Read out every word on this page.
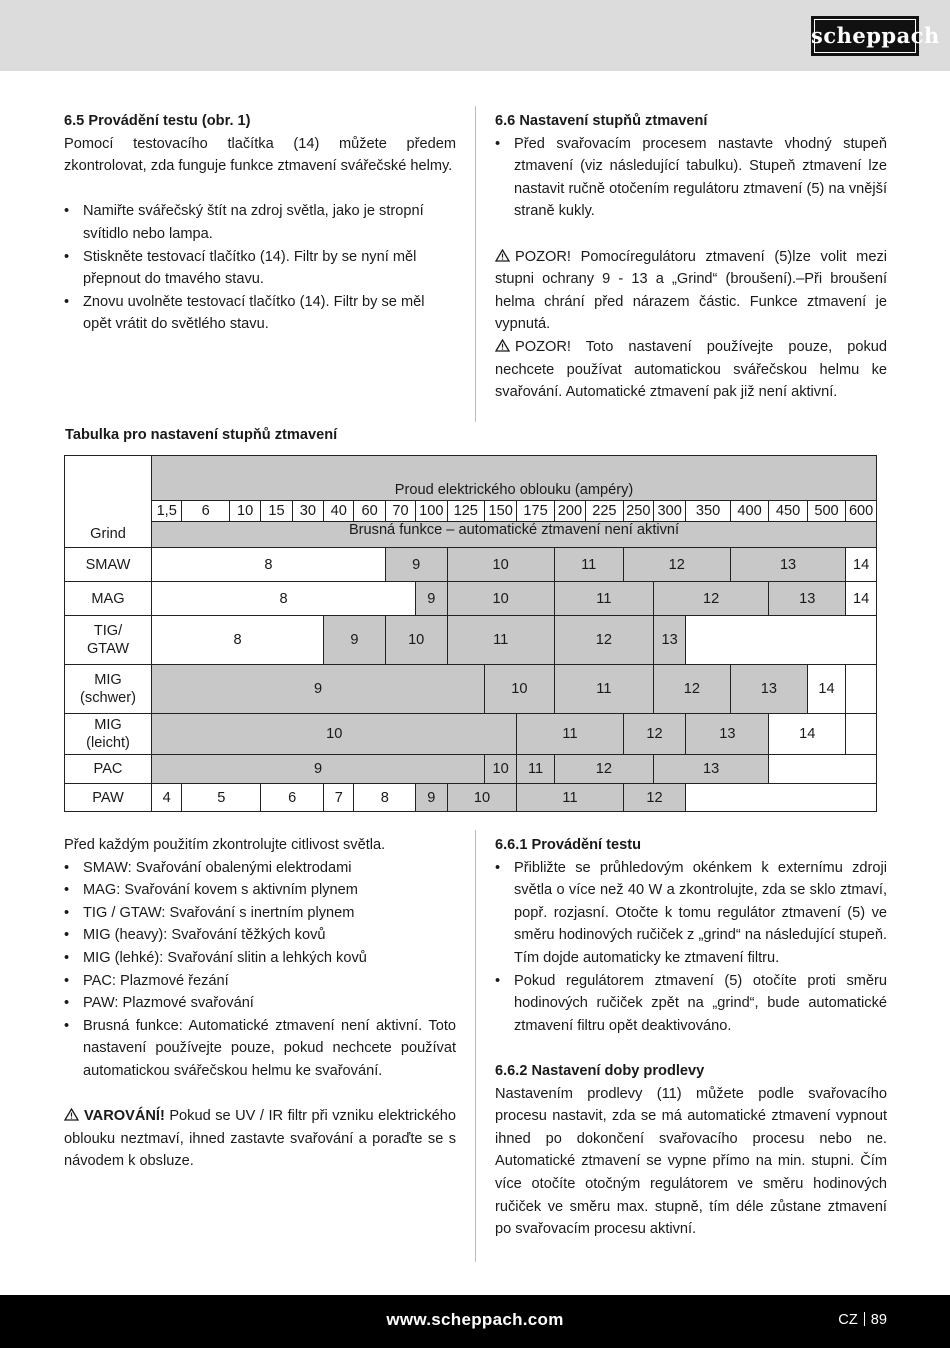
scheppach

6.5 Provádění testu (obr. 1)

Pomocí testovacího tlačítka (14) můžete předem zkontrolovat, zda funguje funkce ztmavení svářečské helmy.

• Namiřte svářečský štít na zdroj světla, jako je stropní svítidlo nebo lampa.
• Stiskněte testovací tlačítko (14). Filtr by se nyní měl přepnout do tmavého stavu.
• Znovu uvolněte testovací tlačítko (14). Filtr by se měl opět vrátit do světlého stavu.

6.6 Nastavení stupňů ztmavení

• Před svařovacím procesem nastavte vhodný stupeň ztmavení (viz následující tabulku). Stupeň ztmavení lze nastavit ručně otočením regulátoru ztmavení (5) na vnější straně kukly.

POZOR! Pomocíregulátoru ztmavení (5)lze volit mezi stupni ochrany 9 - 13 a „Grind“ (broušení).–Při broušení helma chrání před nárazem částic. Funkce ztmavení je vypnutá.

POZOR! Toto nastavení používejte pouze, pokud nechcete používat automatickou svářečskou helmu ke svařování. Automatické ztmavení pak již není aktivní.

Tabulka pro nastavení stupňů ztmavení
	Proud elektrického oblouku (ampéry)																				
	1,5	6	10	15	30	40	60	70	100	125	150	175	200	225	250	300	350	400	450	500	600
Grind	Brusná funkce – automatické ztmavení není aktivní																				
SMAW	8							9		10			11		12			13			14
MAG	8								9	10			11			12			13		14
TIG/
GTAW	8					9		10		11			12			13					
MIG
(schwer)	9										10		11			12		13		14	
MIG
(leicht)	10											11			12		13		14		
PAC	9										10	11	12			13					
PAW	4	5		6		7	8		9	10		11			12						

Před každým použitím zkontrolujte citlivost světla.

• SMAW: Svařování obalenými elektrodami
• MAG: Svařování kovem s aktivním plynem
• TIG / GTAW: Svařování s inertním plynem
• MIG (heavy): Svařování těžkých kovů
• MIG (lehké): Svařování slitin a lehkých kovů
• PAC: Plazmové řezání
• PAW: Plazmové svařování
• Brusná funkce: Automatické ztmavení není aktivní. Toto nastavení používejte pouze, pokud nechcete používat automatickou svářečskou helmu ke svařování.

VAROVÁNÍ! Pokud se UV / IR filtr při vzniku elektrického oblouku neztmaví, ihned zastavte svařování a poraďte se s návodem k obsluze.

6.6.1 Provádění testu

• Přibližte se průhledovým okénkem k externímu zdroji světla o více než 40 W a zkontrolujte, zda se sklo ztmaví, popř. rozjasní. Otočte k tomu regulátor ztmavení (5) ve směru hodinových ručiček z „grind“ na následující stupeň. Tím dojde automaticky ke ztmavení filtru.
• Pokud regulátorem ztmavení (5) otočíte proti směru hodinových ručiček zpět na „grind“, bude automatické ztmavení filtru opět deaktivováno.

6.6.2 Nastavení doby prodlevy

Nastavením prodlevy (11) můžete podle svařovacího procesu nastavit, zda se má automatické ztmavení vypnout ihned po dokončení svařovacího procesu nebo ne. Automatické ztmavení se vypne přímo na min. stupni. Čím více otočíte otočným regulátorem ve směru hodinových ručiček ve směru max. stupně, tím déle zůstane ztmavení po svařovacím procesu aktivní.

www.scheppach.com	CZ 89
